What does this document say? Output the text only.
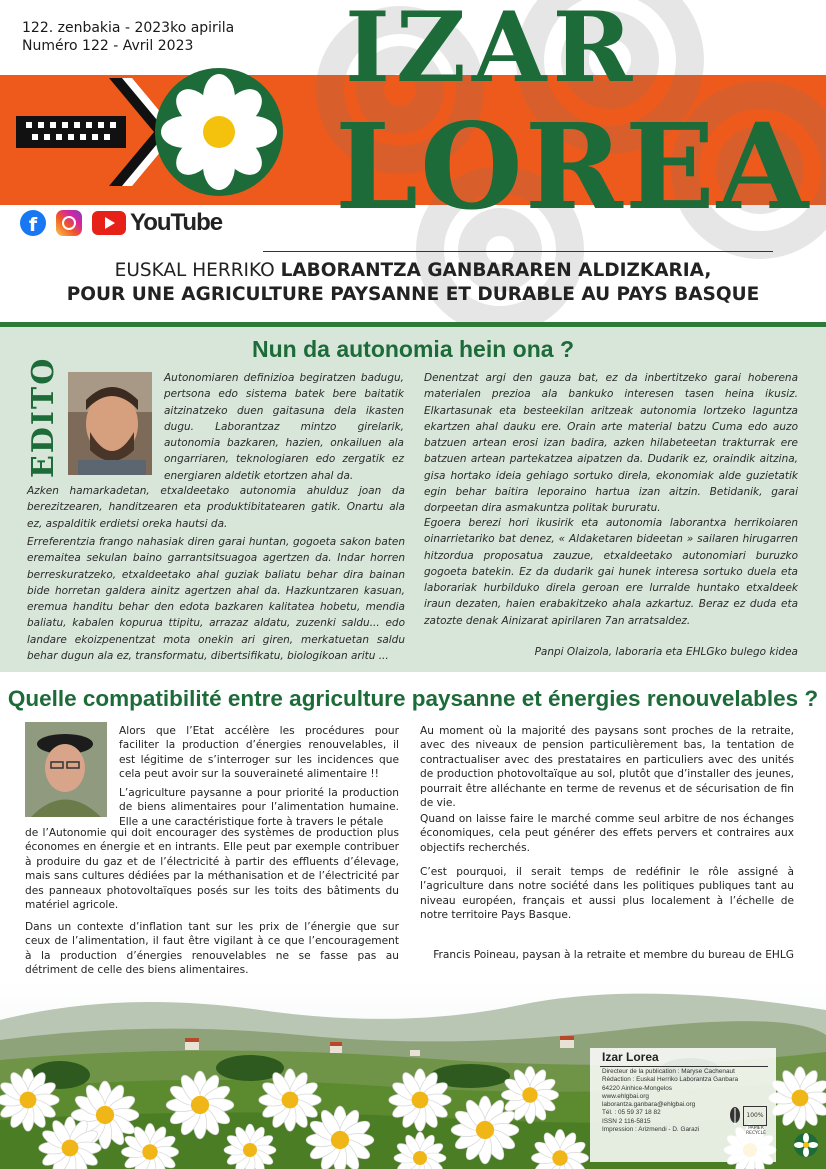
122. zenbakia - 2023ko apirila
Numéro 122 - Avril 2023 IZAR
LOREA
f	YouTube
EUSKAL HERRIKO LABORANTZA GANBARAREN ALDIZKARIA,
POUR UNE AGRICULTURE PAYSANNE ET DURABLE AU PAYS BASQUE
Nun da autonomia hein ona ?
EDITO	Autonomiaren definizioa begiratzen badugu, pertsona edo sistema batek bere baitatik aitzinatzeko duen gaitasuna dela ikasten dugu. Laborantzaz mintzo girelarik, autonomia bazkaren, hazien, onkailuen ala ongarriaren, teknologiaren edo zergatik ez energiaren aldetik etortzen ahal da.

Azken hamarkadetan, etxaldeetako autonomia ahulduz joan da berezitzearen, handitzearen eta produktibitatearen gatik. Onartu ala ez, aspalditik erdietsi oreka hautsi da.

Erreferentzia frango nahasiak diren garai huntan, gogoeta sakon baten eremaitea sekulan baino garrantsitsuagoa agertzen da. Indar horren berreskuratzeko, etxaldeetako ahal guziak baliatu behar dira bainan bide horretan galdera ainitz agertzen ahal da. Hazkuntzaren kasuan, eremua handitu behar den edota bazkaren kalitatea hobetu, mendia baliatu, kabalen kopurua ttipitu, arrazaz aldatu, zuzenki saldu... edo landare ekoizpenentzat mota onekin ari giren, merkatuetan saldu behar dugun ala ez, transformatu, dibertsifikatu, biologikoan aritu ...

Denentzat argi den gauza bat, ez da inbertitzeko garai hoberena materialen prezioa ala bankuko interesen tasen heina ikusiz. Elkartasunak eta besteekilan aritzeak autonomia lortzeko laguntza ekartzen ahal dauku ere. Orain arte material batzu Cuma edo auzo batzuen artean erosi izan badira, azken hilabeteetan trakturrak ere batzuen artean partekatzea aipatzen da. Dudarik ez, oraindik aitzina, gisa hortako ideia gehiago sortuko direla, ekonomiak alde guzietatik egin behar baitira leporaino hartua izan aitzin. Betidanik, garai dorpeetan dira asmakuntza politak bururatu.

Egoera berezi hori ikusirik eta autonomia laborantxa herrikoiaren oinarrietariko bat denez, « Aldaketaren bideetan » sailaren hirugarren hitzordua proposatua zauzue, etxaldeetako autonomiari buruzko gogoeta batekin. Ez da dudarik gai hunek interesa sortuko duela eta laborariak hurbilduko direla geroan ere lurralde huntako etxaldeek iraun dezaten, haien erabakitzeko ahala azkartuz. Beraz ez duda eta zatozte denak Ainizarat apirilaren 7an arratsaldez.

Panpi Olaizola, laboraria eta EHLGko bulego kidea
Quelle compatibilité entre agriculture paysanne et énergies renouvelables ?

Alors que l’Etat accélère les procédures pour faciliter la production d’énergies renouvelables, il est légitime de s’interroger sur les incidences que cela peut avoir sur la souveraineté alimentaire !!

L’agriculture paysanne a pour priorité la production de biens alimentaires pour l’alimentation humaine. Elle a une caractéristique forte à travers le pétale

de l’Autonomie qui doit encourager des systèmes de production plus économes en énergie et en intrants. Elle peut par exemple contribuer à produire du gaz et de l’électricité à partir des effluents d’élevage, mais sans cultures dédiées par la méthanisation et de l’électricité par des panneaux photovoltaïques posés sur les toits des bâtiments du matériel agricole.

Dans un contexte d’inflation tant sur les prix de l’énergie que sur ceux de l’alimentation, il faut être vigilant à ce que l’encouragement à la production d’énergies renouvelables ne se fasse pas au détriment de celle des biens alimentaires.

Au moment où la majorité des paysans sont proches de la retraite, avec des niveaux de pension particulièrement bas, la tentation de contractualiser avec des prestataires en particuliers avec des unités de production photovoltaïque au sol, plutôt que d’installer des jeunes, pourrait être alléchante en terme de revenus et de sécurisation de fin de vie.

Quand on laisse faire le marché comme seul arbitre de nos échanges économiques, cela peut générer des effets pervers et contraires aux objectifs recherchés.

C’est pourquoi, il serait temps de redéfinir le rôle assigné à l’agriculture dans notre société dans les politiques publiques tant au niveau européen, français et aussi plus localement à l’échelle de notre territoire Pays Basque.

Francis Poineau, paysan à la retraite et membre du bureau de EHLG
Izar Lorea
Directeur de la publication : Maryse Cachenaut
Rédaction : Euskal Herriko Laborantza Ganbara
64220 Ainhice-Mongelos
www.ehlgbai.org
laborantza.ganbara@ehlgbai.org
Tél. : 05 59 37 18 82
ISSN 2 116-5815
Impression : Arizmendi - D. Garazi
100%
PAPIER RECYCLÉ
